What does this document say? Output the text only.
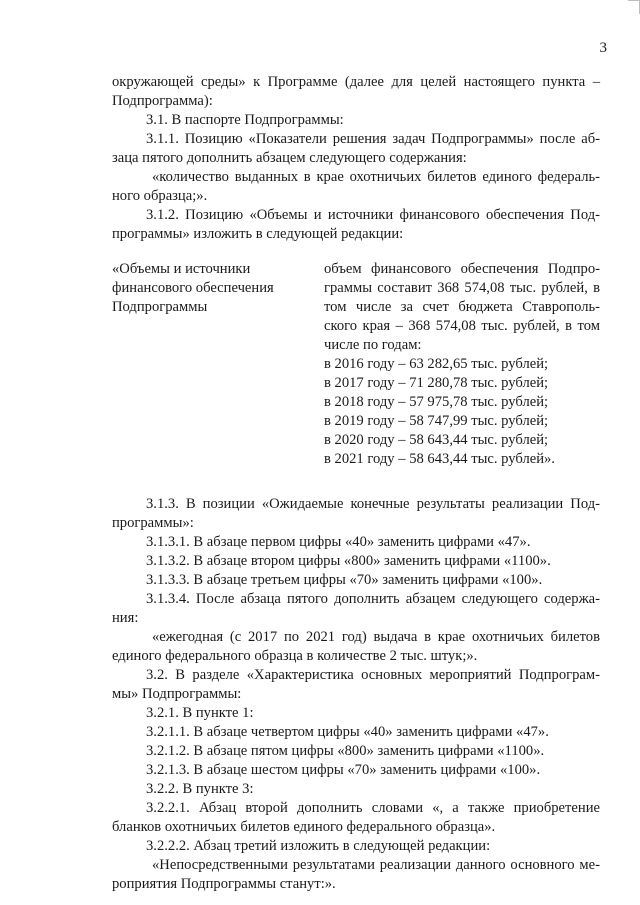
3
окружающей среды» к Программе (далее для целей настоящего пункта –
Подпрограмма):
3.1. В паспорте Подпрограммы:
3.1.1. Позицию «Показатели решения задач Подпрограммы» после аб-
заца пятого дополнить абзацем следующего содержания:
«количество выданных в крае охотничьих билетов единого федераль-
ного образца;».
3.1.2. Позицию «Объемы и источники финансового обеспечения Под-
программы» изложить в следующей редакции:
«Объемы и источники
финансового обеспечения
Подпрограммы
объем финансового обеспечения Подпро-
граммы составит 368 574,08 тыс. рублей, в
том числе за счет бюджета Ставрополь-
ского края – 368 574,08 тыс. рублей, в том
числе по годам:
в 2016 году – 63 282,65 тыс. рублей;
в 2017 году – 71 280,78 тыс. рублей;
в 2018 году – 57 975,78 тыс. рублей;
в 2019 году – 58 747,99 тыс. рублей;
в 2020 году – 58 643,44 тыс. рублей;
в 2021 году – 58 643,44 тыс. рублей».
3.1.3. В позиции «Ожидаемые конечные результаты реализации Под-
программы»:
3.1.3.1. В абзаце первом цифры «40» заменить цифрами «47».
3.1.3.2. В абзаце втором цифры «800» заменить цифрами «1100».
3.1.3.3. В абзаце третьем цифры «70» заменить цифрами «100».
3.1.3.4. После абзаца пятого дополнить абзацем следующего содержа-
ния:
«ежегодная (с 2017 по 2021 год) выдача в крае охотничьих билетов
единого федерального образца в количестве 2 тыс. штук;».
3.2. В разделе «Характеристика основных мероприятий Подпрограм-
мы» Подпрограммы:
3.2.1. В пункте 1:
3.2.1.1. В абзаце четвертом цифры «40» заменить цифрами «47».
3.2.1.2. В абзаце пятом цифры «800» заменить цифрами «1100».
3.2.1.3. В абзаце шестом цифры «70» заменить цифрами «100».
3.2.2. В пункте 3:
3.2.2.1. Абзац второй дополнить словами «, а также приобретение
бланков охотничьих билетов единого федерального образца».
3.2.2.2. Абзац третий изложить в следующей редакции:
«Непосредственными результатами реализации данного основного ме-
роприятия Подпрограммы станут:».
